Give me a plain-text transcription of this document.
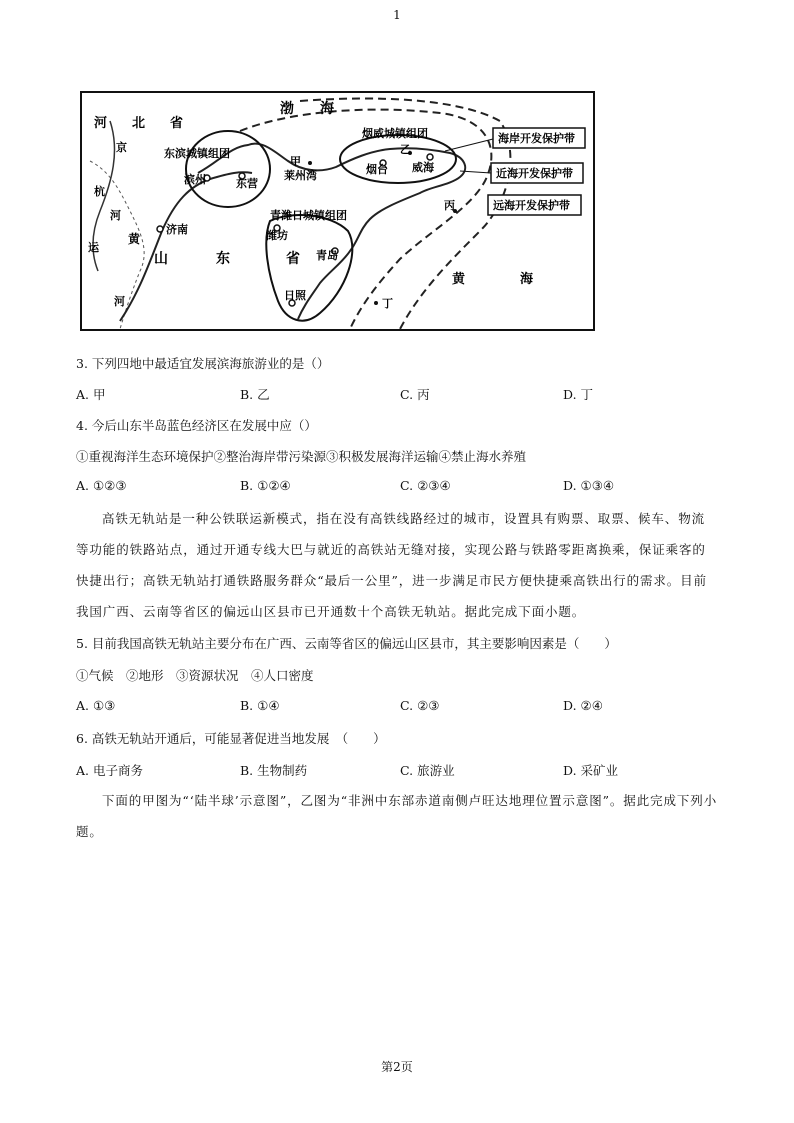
1
渤 海
河 北 省
京
杭
河
运
黄
河
山	东	省
东滨城镇组团
滨州	东营
济南
甲
莱州湾
烟威城镇组团
烟台
乙
威海
丙
青潍日城镇组团
潍坊
青岛
日照
丁
黄	海
海岸开发保护带
近海开发保护带
远海开发保护带
3. 下列四地中最适宜发展滨海旅游业的是（）
A. 甲	B. 乙	C. 丙	D. 丁
4. 今后山东半岛蓝色经济区在发展中应（）
①重视海洋生态环境保护②整治海岸带污染源③积极发展海洋运输④禁止海水养殖
A. ①②③	B. ①②④	C. ②③④	D. ①③④
高铁无轨站是一种公铁联运新模式，指在没有高铁线路经过的城市，设置具有购票、取票、候车、物流等功能的铁路站点，通过开通专线大巴与就近的高铁站无缝对接，实现公路与铁路零距离换乘，保证乘客的快捷出行；高铁无轨站打通铁路服务群众“最后一公里”，进一步满足市民方便快捷乘高铁出行的需求。目前我国广西、云南等省区的偏远山区县市已开通数十个高铁无轨站。据此完成下面小题。
5. 目前我国高铁无轨站主要分布在广西、云南等省区的偏远山区县市，其主要影响因素是（　　）
①气候　②地形　③资源状况　④人口密度
A. ①③	B. ①④	C. ②③	D. ②④
6. 高铁无轨站开通后，可能显著促进当地发展　（　　）
A. 电子商务	B. 生物制药	C. 旅游业	D. 采矿业
下面的甲图为“‘陆半球’示意图”，乙图为“非洲中东部赤道南侧卢旺达地理位置示意图”。据此完成下列小题。
第2页
